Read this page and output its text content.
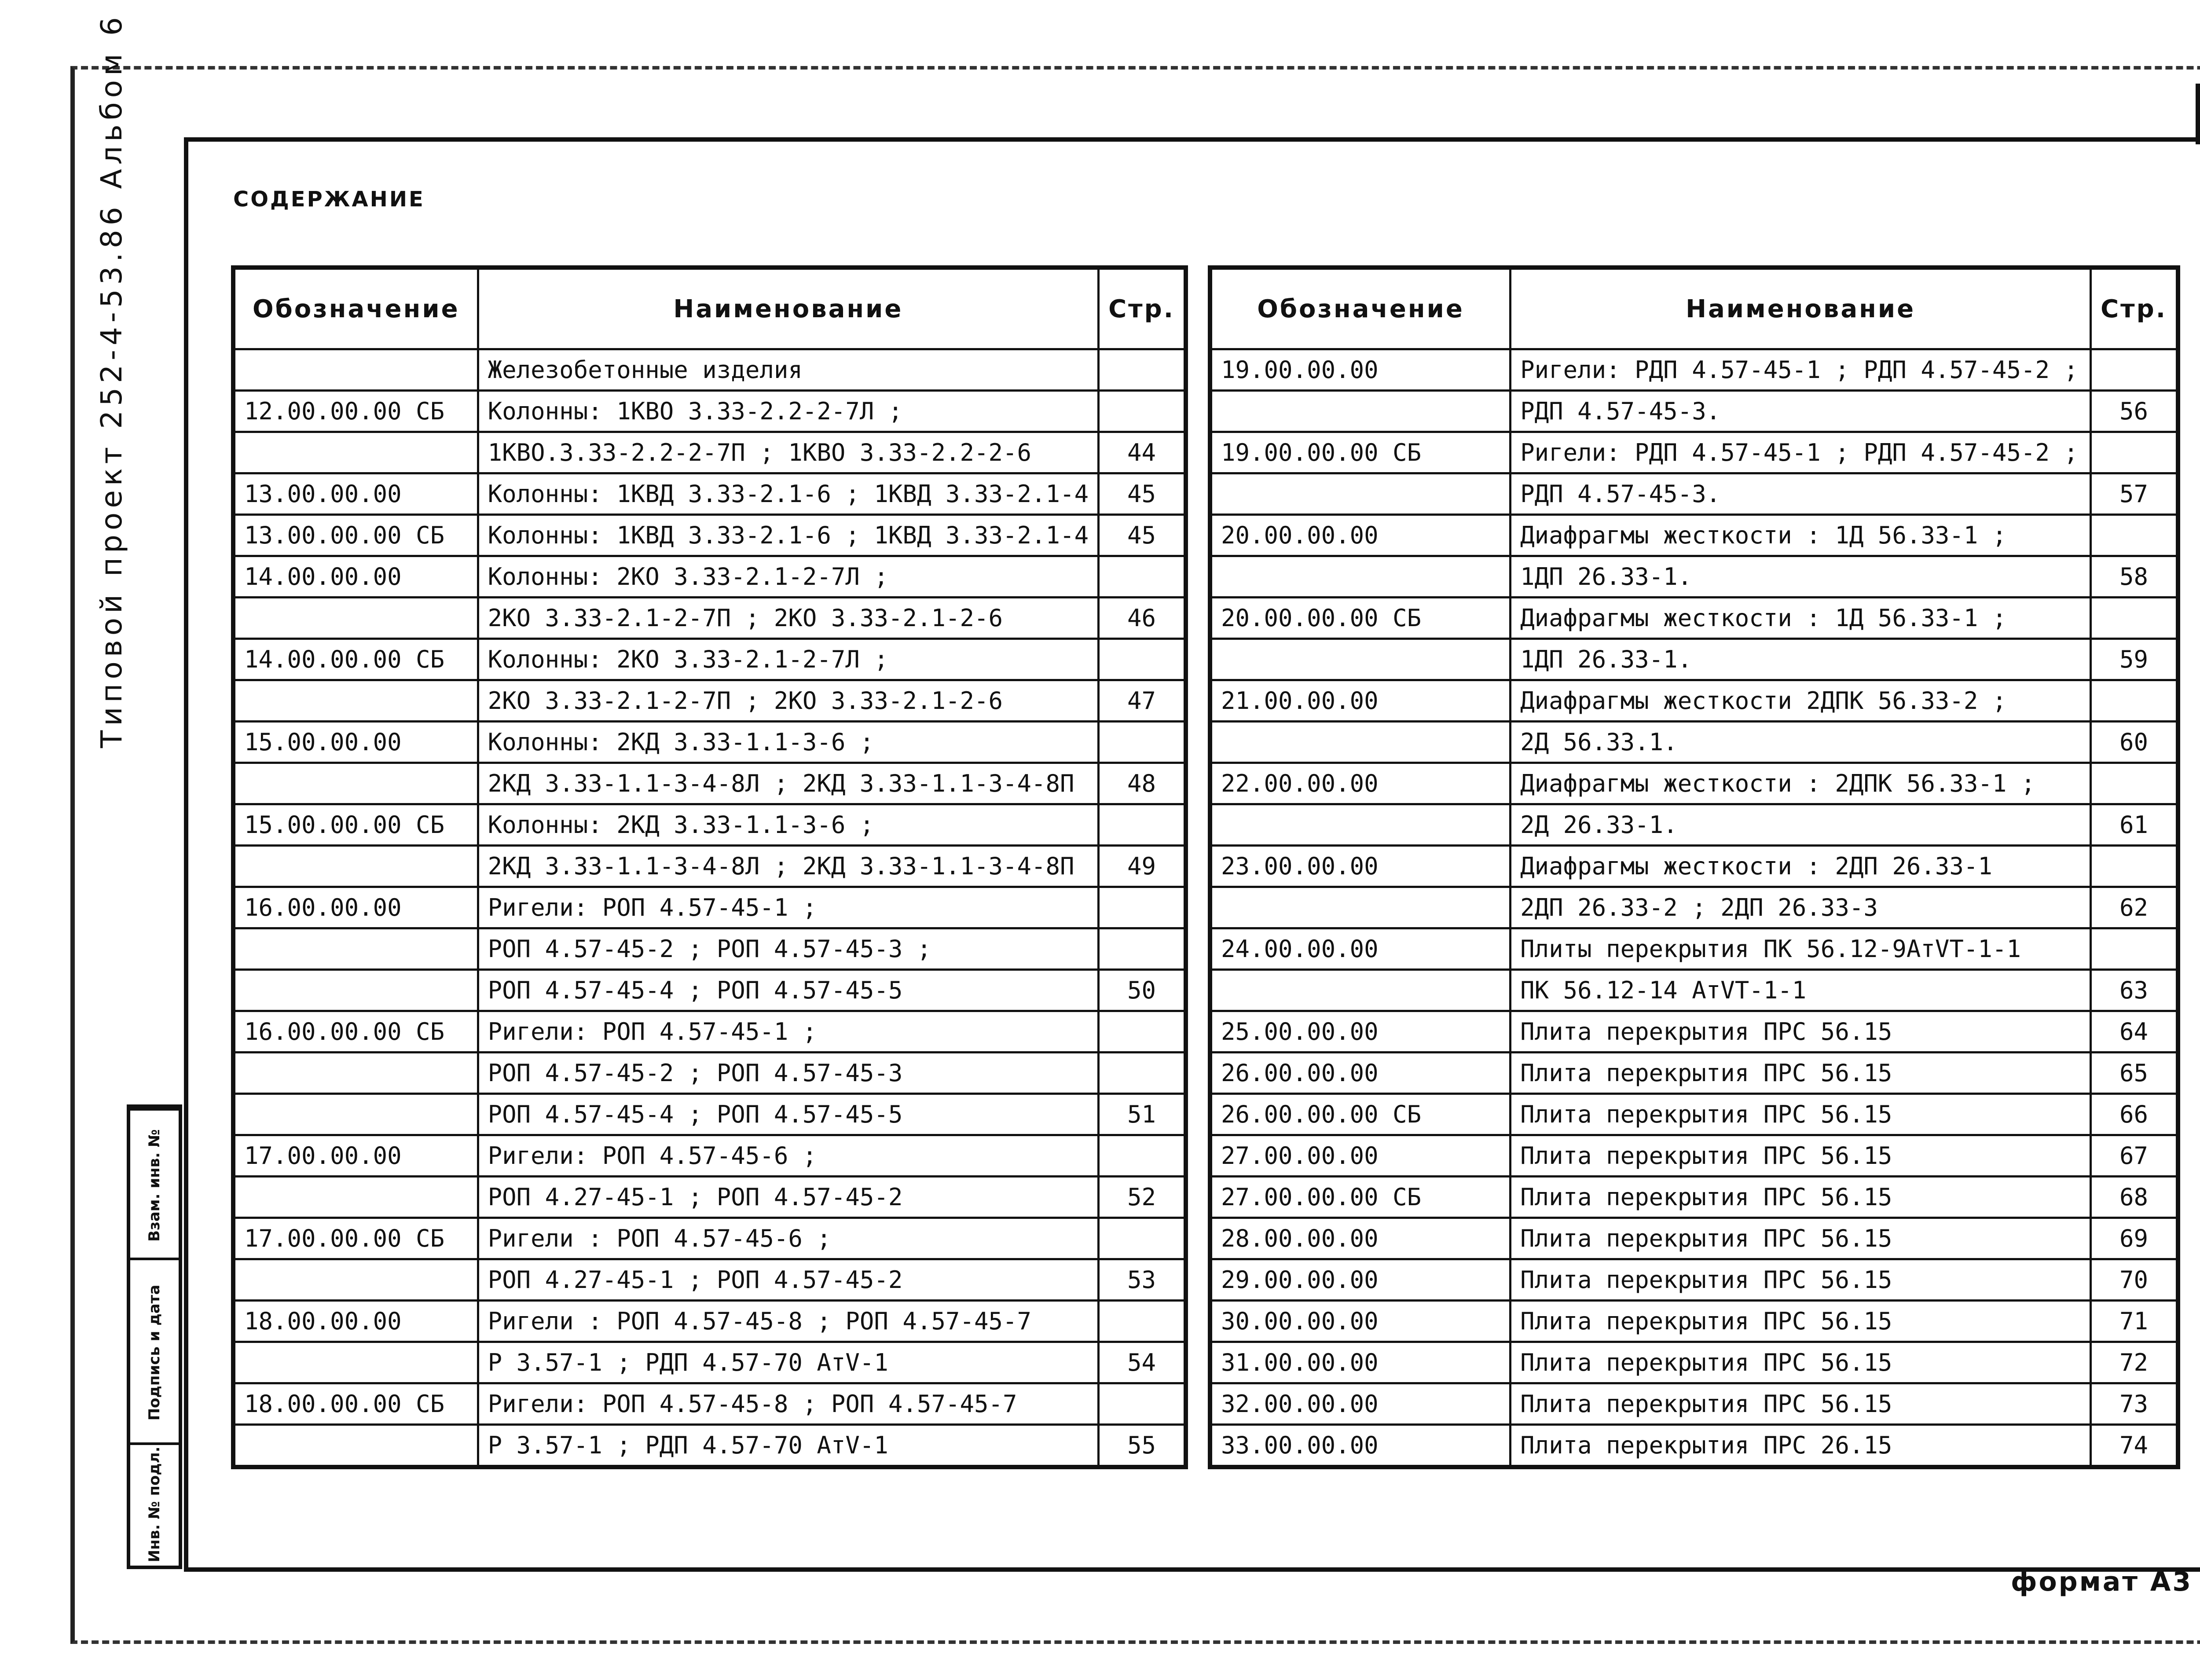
Типовой проект 252-4-53.86 Альбом 6
Взам. инв. №
Подпись и дата
Инв. № подл.
СОДЕРЖАНИЕ
Обозначение	Наименование	Стр.
	Железобетонные изделия	
12.00.00.00 СБ	Колонны: 1КВО 3.33-2.2-2-7Л ;	
	1КВО.3.33-2.2-2-7П ; 1КВО 3.33-2.2-2-6	44
13.00.00.00	Колонны: 1КВД 3.33-2.1-6 ; 1КВД 3.33-2.1-4	45
13.00.00.00 СБ	Колонны: 1КВД 3.33-2.1-6 ; 1КВД 3.33-2.1-4	45
14.00.00.00	Колонны: 2КО 3.33-2.1-2-7Л ;	
	2КО 3.33-2.1-2-7П ; 2КО 3.33-2.1-2-6	46
14.00.00.00 СБ	Колонны: 2КО 3.33-2.1-2-7Л ;	
	2КО 3.33-2.1-2-7П ; 2КО 3.33-2.1-2-6	47
15.00.00.00	Колонны: 2КД 3.33-1.1-3-6 ;	
	2КД 3.33-1.1-3-4-8Л ; 2КД 3.33-1.1-3-4-8П	48
15.00.00.00 СБ	Колонны: 2КД 3.33-1.1-3-6 ;	
	2КД 3.33-1.1-3-4-8Л ; 2КД 3.33-1.1-3-4-8П	49
16.00.00.00	Ригели: РОП 4.57-45-1 ;	
	РОП 4.57-45-2 ; РОП 4.57-45-3 ;	
	РОП 4.57-45-4 ; РОП 4.57-45-5	50
16.00.00.00 СБ	Ригели: РОП 4.57-45-1 ;	
	РОП 4.57-45-2 ; РОП 4.57-45-3	
	РОП 4.57-45-4 ; РОП 4.57-45-5	51
17.00.00.00	Ригели: РОП 4.57-45-6 ;	
	РОП 4.27-45-1 ; РОП 4.57-45-2	52
17.00.00.00 СБ	Ригели : РОП 4.57-45-6 ;	
	РОП 4.27-45-1 ; РОП 4.57-45-2	53
18.00.00.00	Ригели : РОП 4.57-45-8 ; РОП 4.57-45-7	
	Р 3.57-1 ; РДП 4.57-70 АтV-1	54
18.00.00.00 СБ	Ригели: РОП 4.57-45-8 ; РОП 4.57-45-7	
	Р 3.57-1 ; РДП 4.57-70 АтV-1	55
Обозначение	Наименование	Стр.
19.00.00.00	Ригели: РДП 4.57-45-1 ; РДП 4.57-45-2 ;	
	РДП 4.57-45-3.	56
19.00.00.00 СБ	Ригели: РДП 4.57-45-1 ; РДП 4.57-45-2 ;	
	РДП 4.57-45-3.	57
20.00.00.00	Диафрагмы жесткости : 1Д 56.33-1 ;	
	1ДП 26.33-1.	58
20.00.00.00 СБ	Диафрагмы жесткости : 1Д 56.33-1 ;	
	1ДП 26.33-1.	59
21.00.00.00	Диафрагмы жесткости 2ДПК 56.33-2 ;	
	2Д 56.33.1.	60
22.00.00.00	Диафрагмы жесткости : 2ДПК 56.33-1 ;	
	2Д 26.33-1.	61
23.00.00.00	Диафрагмы жесткости : 2ДП 26.33-1	
	2ДП 26.33-2 ; 2ДП 26.33-3	62
24.00.00.00	Плиты перекрытия ПК 56.12-9АтVТ-1-1	
	ПК 56.12-14 АтVТ-1-1	63
25.00.00.00	Плита перекрытия ПРС 56.15	64
26.00.00.00	Плита перекрытия ПРС 56.15	65
26.00.00.00 СБ	Плита перекрытия ПРС 56.15	66
27.00.00.00	Плита перекрытия ПРС 56.15	67
27.00.00.00 СБ	Плита перекрытия ПРС 56.15	68
28.00.00.00	Плита перекрытия ПРС 56.15	69
29.00.00.00	Плита перекрытия ПРС 56.15	70
30.00.00.00	Плита перекрытия ПРС 56.15	71
31.00.00.00	Плита перекрытия ПРС 56.15	72
32.00.00.00	Плита перекрытия ПРС 56.15	73
33.00.00.00	Плита перекрытия ПРС 26.15	74
формат А3
